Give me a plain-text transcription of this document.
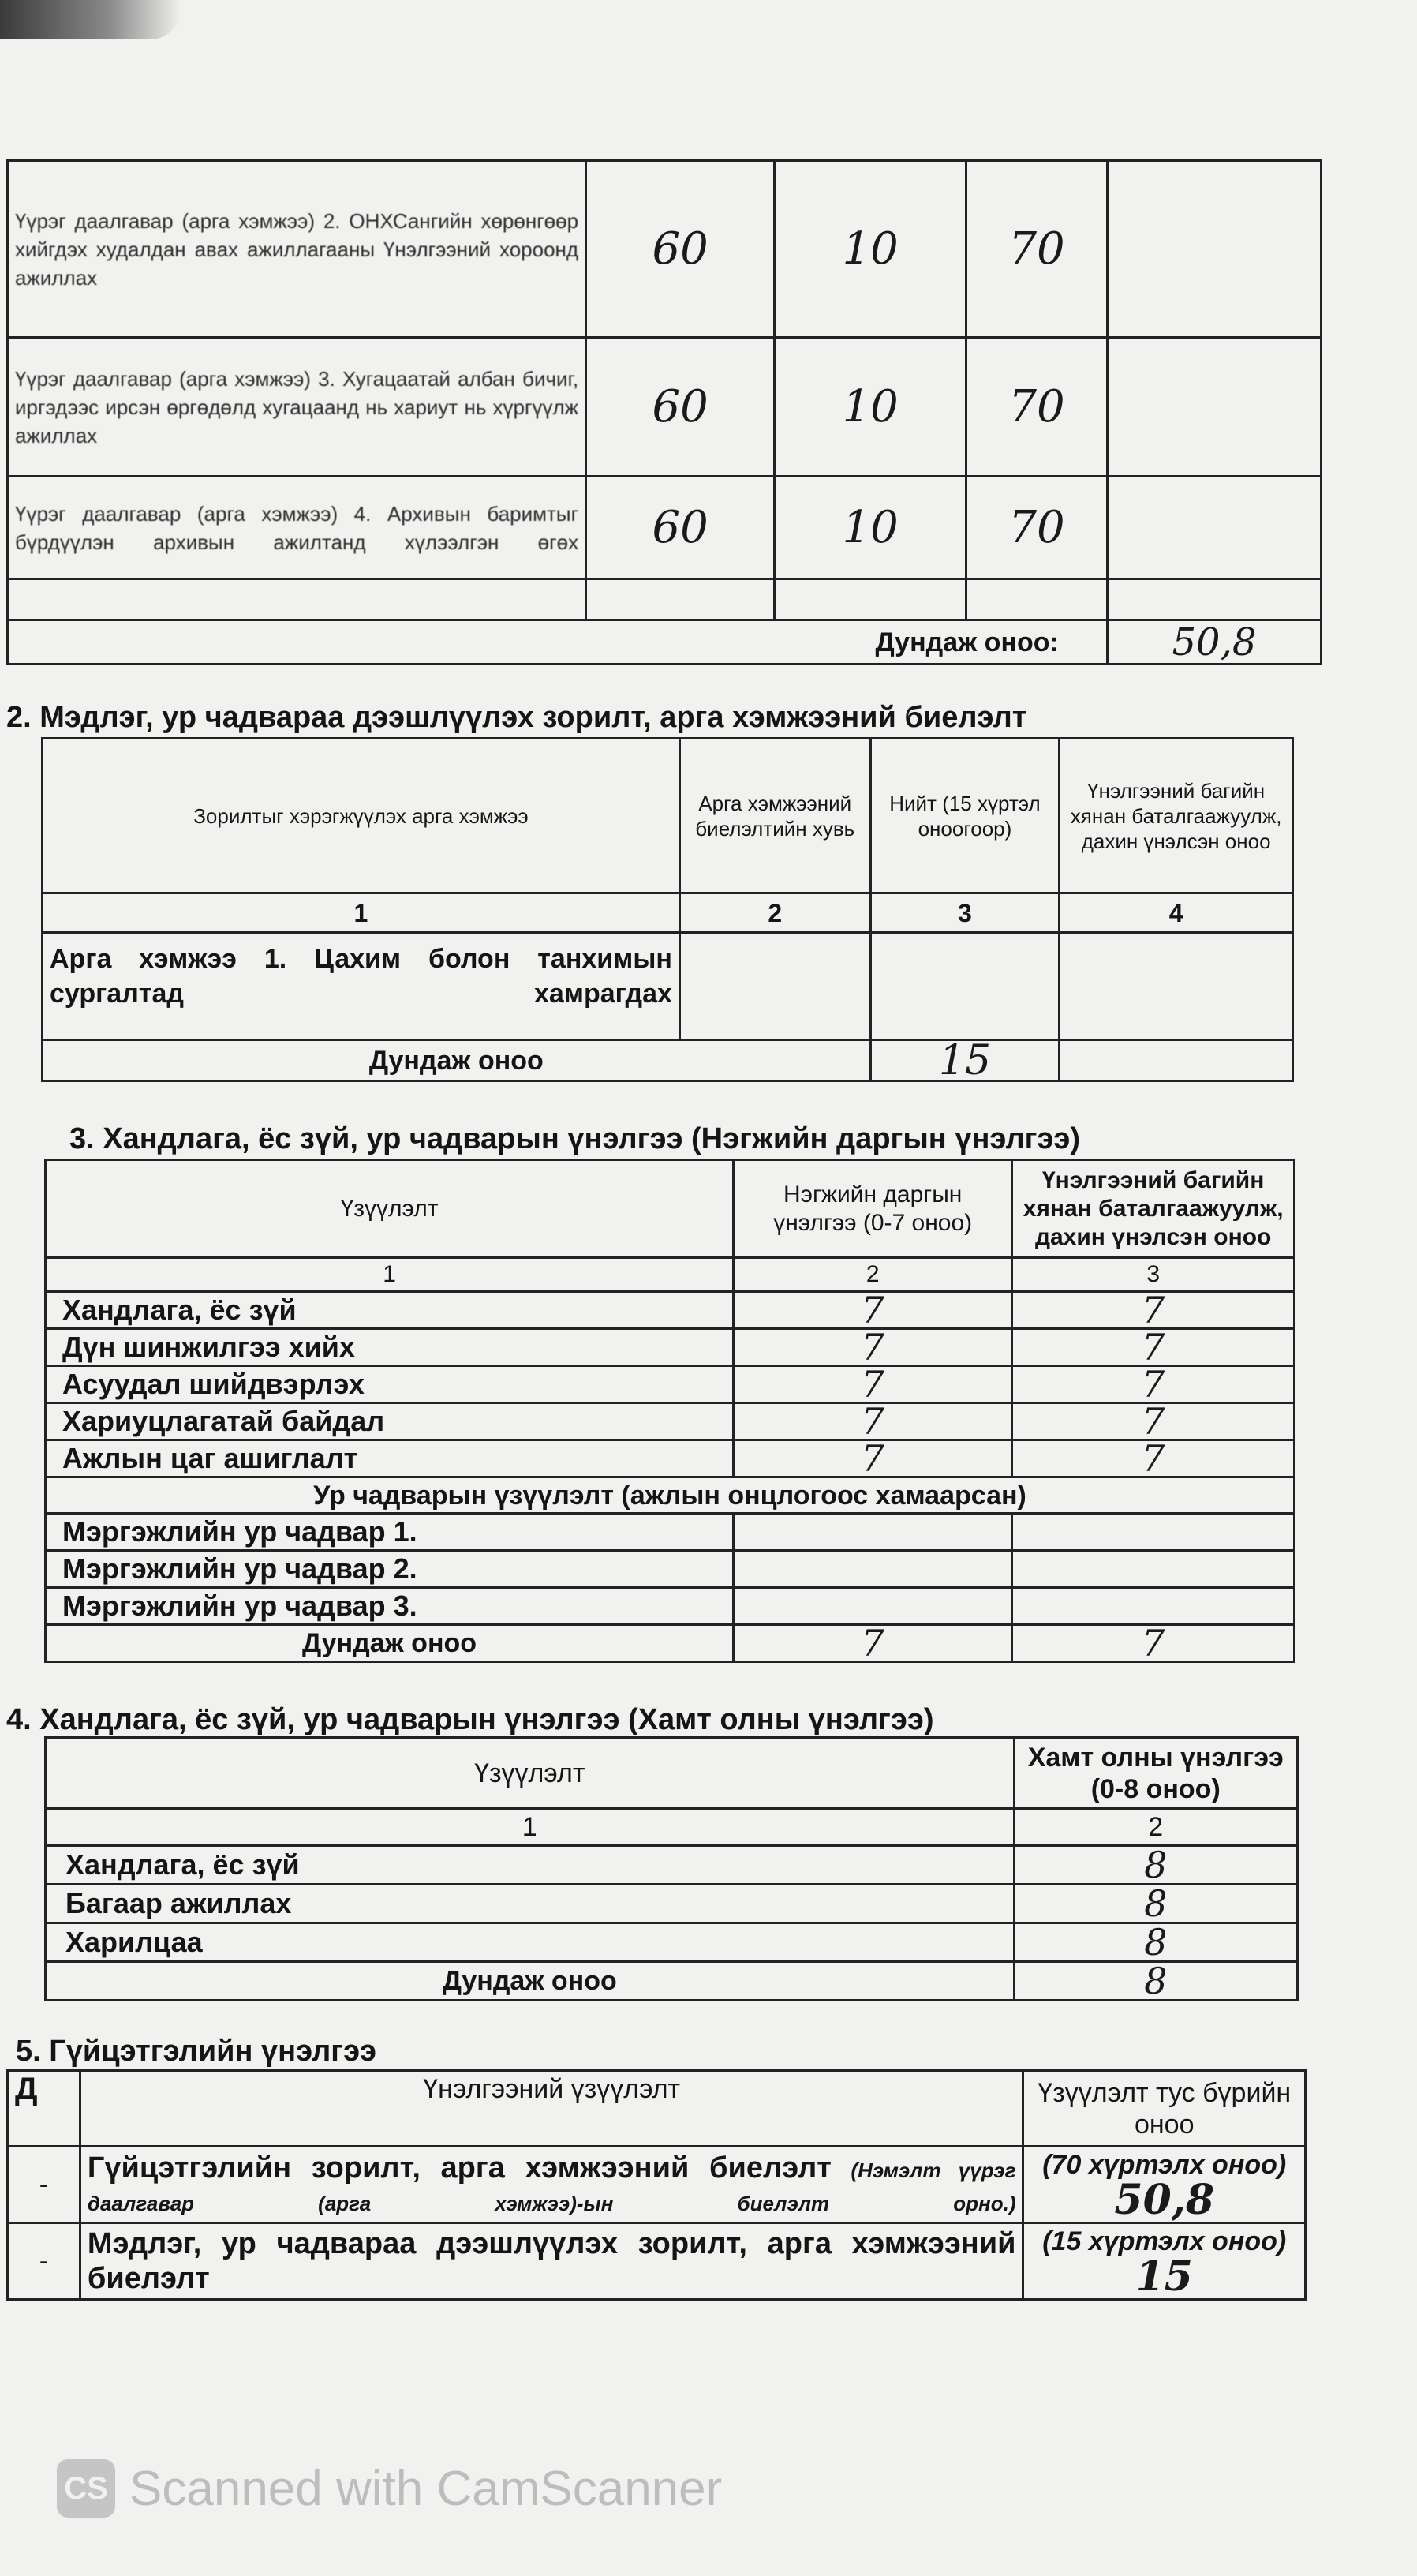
Үүрэг даалгавар (арга хэмжээ) 2. ОНХСангийн хөрөнгөөр хийгдэх худалдан авах ажиллагааны Үнэлгээний хороонд ажиллах	60	10	70	
Үүрэг даалгавар (арга хэмжээ) 3. Хугацаатай албан бичиг, иргэдээс ирсэн өргөдөлд хугацаанд нь хариут нь хүргүүлж ажиллах	60	10	70	
Үүрэг даалгавар (арга хэмжээ) 4. Архивын баримтыг бүрдүүлэн архивын ажилтанд хүлээлгэн өгөх	60	10	70	

Дундаж оноо:				50,8
2. Мэдлэг, ур чадвараа дээшлүүлэх зорилт, арга хэмжээний биелэлт
Зорилтыг хэрэгжүүлэх арга хэмжээ	Арга хэмжээний биелэлтийн хувь	Нийт (15 хүртэл оноогоор)	Үнэлгээний багийн хянан баталгаажуулж, дахин үнэлсэн оноо
1	2	3	4
Арга хэмжээ 1. Цахим болон танхимын сургалтад хамрагдах			
Дундаж оноо		15	
3. Хандлага, ёс зүй, ур чадварын үнэлгээ (Нэгжийн даргын үнэлгээ)
Үзүүлэлт	Нэгжийн даргын үнэлгээ (0-7 оноо)	Үнэлгээний багийн хянан баталгаажуулж, дахин үнэлсэн оноо
1	2	3
Хандлага, ёс зүй	7	7
Дүн шинжилгээ хийх	7	7
Асуудал шийдвэрлэх	7	7
Хариуцлагатай байдал	7	7
Ажлын цаг ашиглалт	7	7
Ур чадварын үзүүлэлт (ажлын онцлогоос хамаарсан)		
Мэргэжлийн ур чадвар 1.		
Мэргэжлийн ур чадвар 2.		
Мэргэжлийн ур чадвар 3.		
Дундаж оноо	7	7
4. Хандлага, ёс зүй, ур чадварын үнэлгээ (Хамт олны үнэлгээ)
Үзүүлэлт	Хамт олны үнэлгээ (0-8 оноо)
1	2
Хандлага, ёс зүй	8
Багаар ажиллах	8
Харилцаа	8
Дундаж оноо	8
5. Гүйцэтгэлийн үнэлгээ
Д	Үнэлгээний үзүүлэлт	Үзүүлэлт тус бүрийн оноо
-	Гүйцэтгэлийн зорилт, арга хэмжээний биелэлт (Нэмэлт үүрэг даалгавар (арга хэмжээ)-ын биелэлт орно.)	(70 хүртэлх оноо)
50,8

-	Мэдлэг, ур чадвараа дээшлүүлэх зорилт, арга хэмжээний биелэлт	(15 хүртэлх оноо)
15
CS Scanned with CamScanner
